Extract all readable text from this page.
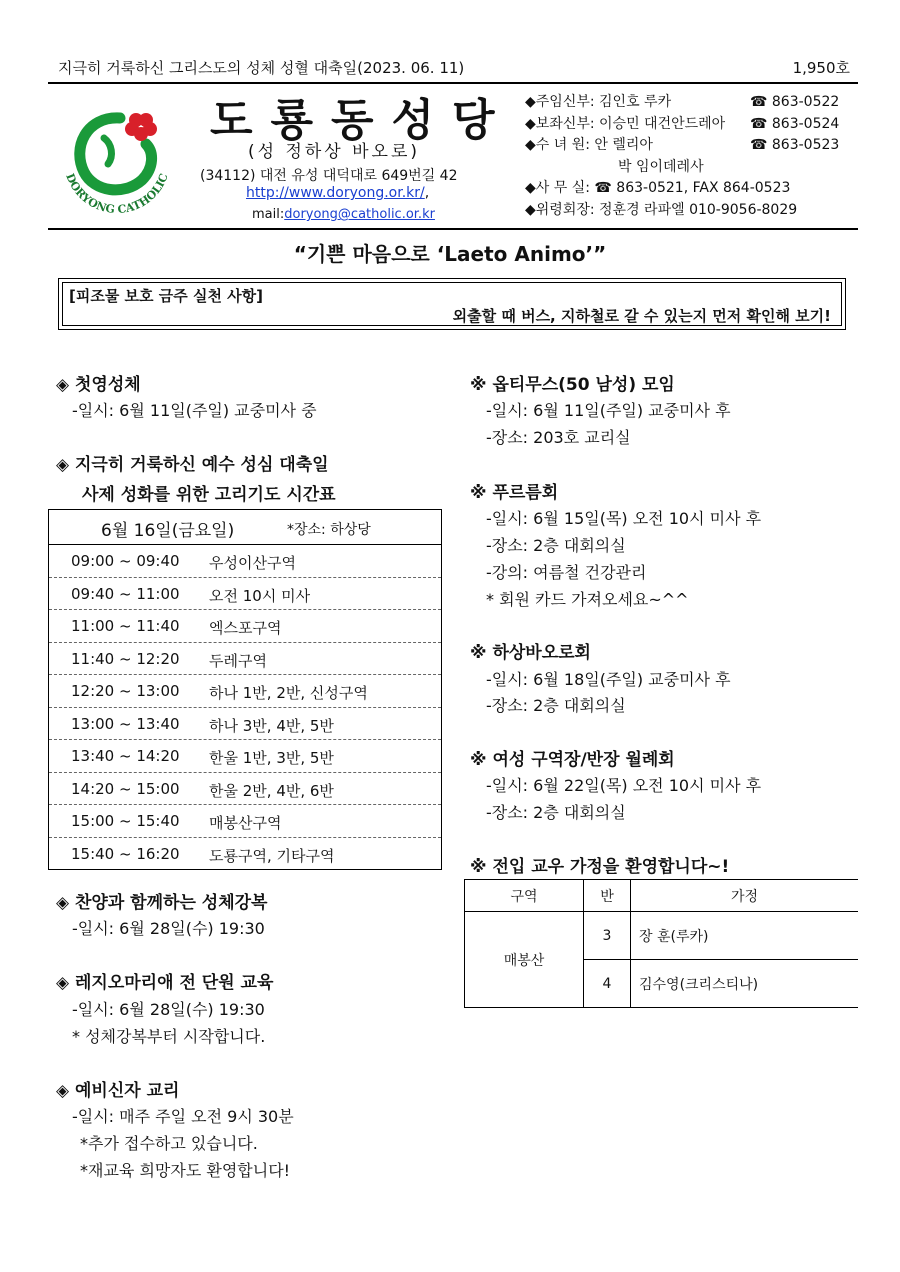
지극히 거룩하신 그리스도의 성체 성혈 대축일(2023. 06. 11)	1,950호
DORYONG CATHOLIC
도룡동성당
(성 정하상 바오로)
(34112) 대전 유성 대덕대로 649번길 42
http://www.doryong.or.kr/,
mail:doryong@catholic.or.kr
◆주임신부: 김인호 루카	☎ 863-0522
◆보좌신부: 이승민 대건안드레아 ☎ 863-0524
◆수 녀 원: 안 렐리아	☎ 863-0523
박 임이데레사
◆사 무 실: ☎ 863-0521, FAX 864-0523
◆위령회장: 정훈경 라파엘 010-9056-8029
“기쁜 마음으로 ‘Laeto Animo’”
[피조물 보호 금주 실천 사항]
외출할 때 버스, 지하철로 갈 수 있는지 먼저 확인해 보기!
◈ 첫영성체
-일시: 6월 11일(주일) 교중미사 중
◈ 지극히 거룩하신 예수 성심 대축일
사제 성화를 위한 고리기도 시간표
6월 16일(금요일)	*장소: 하상당
09:00 ~ 09:40 우성이산구역
09:40 ~ 11:00 오전 10시 미사
11:00 ~ 11:40 엑스포구역
11:40 ~ 12:20 두레구역
12:20 ~ 13:00 하나 1반, 2반, 신성구역
13:00 ~ 13:40 하나 3반, 4반, 5반
13:40 ~ 14:20 한울 1반, 3반, 5반
14:20 ~ 15:00 한울 2반, 4반, 6반
15:00 ~ 15:40 매봉산구역
15:40 ~ 16:20 도룡구역, 기타구역
◈ 찬양과 함께하는 성체강복
-일시: 6월 28일(수) 19:30
◈ 레지오마리애 전 단원 교육
-일시: 6월 28일(수) 19:30
* 성체강복부터 시작합니다.
◈ 예비신자 교리
-일시: 매주 주일 오전 9시 30분
*추가 접수하고 있습니다.
*재교육 희망자도 환영합니다!
※ 옵티무스(50 남성) 모임
-일시: 6월 11일(주일) 교중미사 후
-장소: 203호 교리실
※ 푸르름회
-일시: 6월 15일(목) 오전 10시 미사 후
-장소: 2층 대회의실
-강의: 여름철 건강관리
* 회원 카드 가져오세요~^^
※ 하상바오로회
-일시: 6월 18일(주일) 교중미사 후
-장소: 2층 대회의실
※ 여성 구역장/반장 월례회
-일시: 6월 22일(목) 오전 10시 미사 후
-장소: 2층 대회의실
※ 전입 교우 가정을 환영합니다~!
구역	반	가정
매봉산	3	장 훈(루카)
	4	김수영(크리스티나)
